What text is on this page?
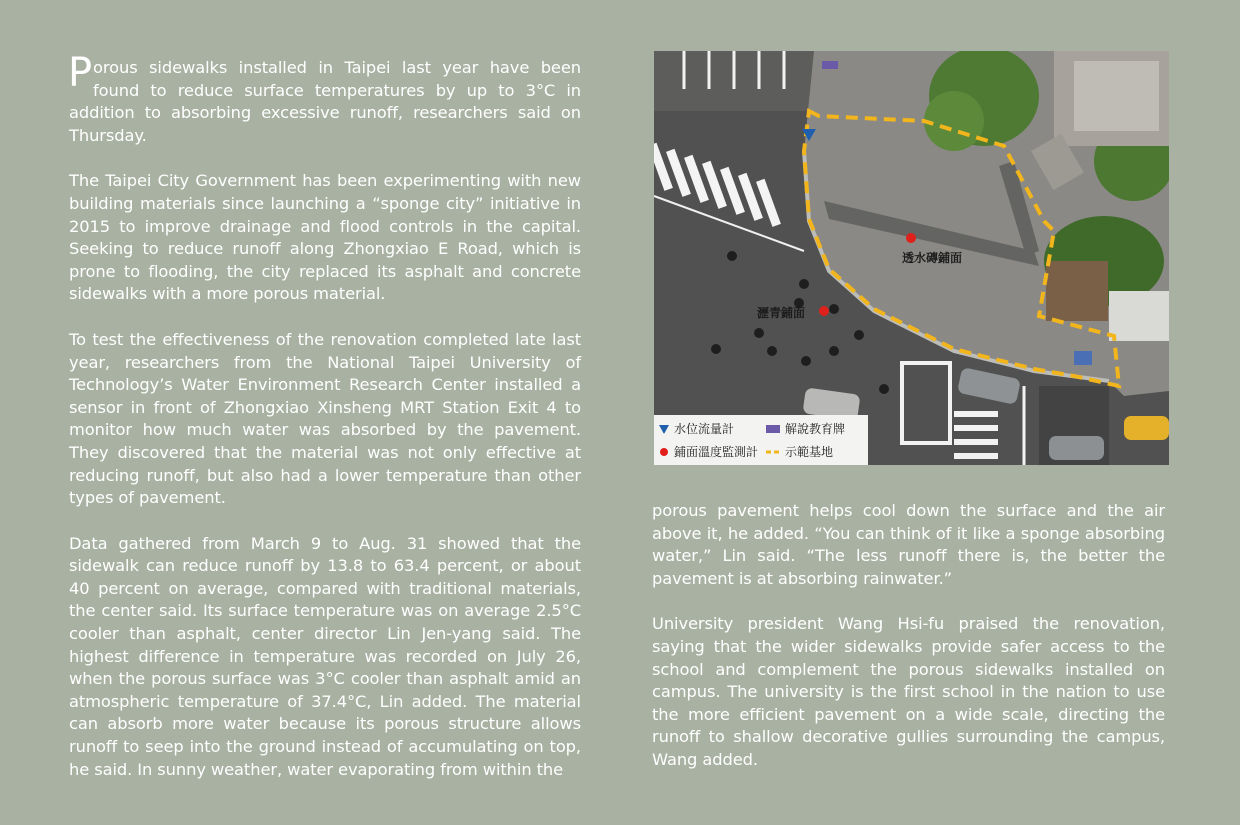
Porous sidewalks installed in Taipei last year have been found to reduce surface temperatures by up to 3°C in addition to absorbing excessive runoff, researchers said on Thursday.

The Taipei City Government has been experimenting with new building materials since launching a “sponge city” initiative in 2015 to improve drainage and flood controls in the capital. Seeking to reduce runoff along Zhongxiao E Road, which is prone to flooding, the city replaced its asphalt and concrete sidewalks with a more porous material.

To test the effectiveness of the renovation completed late last year, researchers from the National Taipei University of Technology’s Water Environment Research Center installed a sensor in front of Zhongxiao Xinsheng MRT Station Exit 4 to monitor how much water was absorbed by the pavement. They discovered that the material was not only effective at reducing runoff, but also had a lower temperature than other types of pavement.

Data gathered from March 9 to Aug. 31 showed that the sidewalk can reduce runoff by 13.8 to 63.4 percent, or about 40 percent on average, compared with traditional materials, the center said. Its surface temperature was on average 2.5°C cooler than asphalt, center director Lin Jen-yang said. The highest difference in temperature was recorded on July 26, when the porous surface was 3°C cooler than asphalt amid an atmospheric temperature of 37.4°C, Lin added. The material can absorb more water because its porous structure allows runoff to seep into the ground instead of accumulating on top, he said. In sunny weather, water evaporating from within the

透水磚鋪面
瀝青鋪面
水位流量計	解說教育牌
鋪面溫度監測計 示範基地

porous pavement helps cool down the surface and the air above it, he added. “You can think of it like a sponge absorbing water,” Lin said. “The less runoff there is, the better the pavement is at absorbing rainwater.”

University president Wang Hsi-fu praised the renovation, saying that the wider sidewalks provide safer access to the school and complement the porous sidewalks installed on campus. The university is the first school in the nation to use the more efficient pavement on a wide scale, directing the runoff to shallow decorative gullies surrounding the campus, Wang added.
